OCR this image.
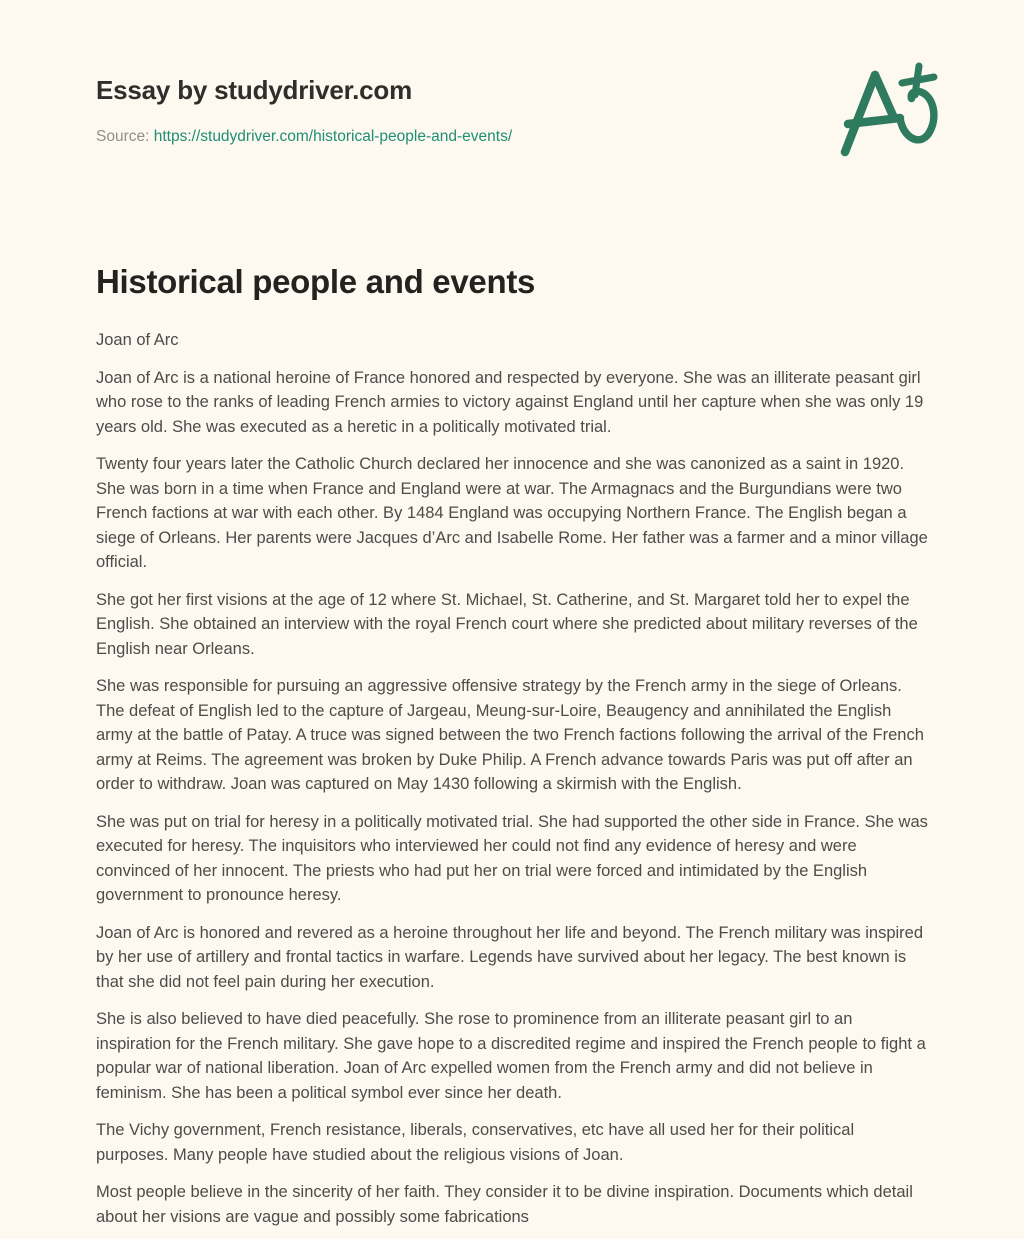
Essay by studydriver.com
Source: https://studydriver.com/historical-people-and-events/
Historical people and events

Joan of Arc

Joan of Arc is a national heroine of France honored and respected by everyone. She was an illiterate peasant girl who rose to the ranks of leading French armies to victory against England until her capture when she was only 19 years old. She was executed as a heretic in a politically motivated trial.

Twenty four years later the Catholic Church declared her innocence and she was canonized as a saint in 1920. She was born in a time when France and England were at war. The Armagnacs and the Burgundians were two French factions at war with each other. By 1484 England was occupying Northern France. The English began a siege of Orleans. Her parents were Jacques d’Arc and Isabelle Rome. Her father was a farmer and a minor village official.

She got her first visions at the age of 12 where St. Michael, St. Catherine, and St. Margaret told her to expel the English. She obtained an interview with the royal French court where she predicted about military reverses of the English near Orleans.

She was responsible for pursuing an aggressive offensive strategy by the French army in the siege of Orleans. The defeat of English led to the capture of Jargeau, Meung-sur-Loire, Beaugency and annihilated the English army at the battle of Patay. A truce was signed between the two French factions following the arrival of the French army at Reims. The agreement was broken by Duke Philip. A French advance towards Paris was put off after an order to withdraw. Joan was captured on May 1430 following a skirmish with the English.

She was put on trial for heresy in a politically motivated trial. She had supported the other side in France. She was executed for heresy. The inquisitors who interviewed her could not find any evidence of heresy and were convinced of her innocent. The priests who had put her on trial were forced and intimidated by the English government to pronounce heresy.

Joan of Arc is honored and revered as a heroine throughout her life and beyond. The French military was inspired by her use of artillery and frontal tactics in warfare. Legends have survived about her legacy. The best known is that she did not feel pain during her execution.

She is also believed to have died peacefully. She rose to prominence from an illiterate peasant girl to an inspiration for the French military. She gave hope to a discredited regime and inspired the French people to fight a popular war of national liberation. Joan of Arc expelled women from the French army and did not believe in feminism. She has been a political symbol ever since her death.

The Vichy government, French resistance, liberals, conservatives, etc have all used her for their political purposes. Many people have studied about the religious visions of Joan.

Most people believe in the sincerity of her faith. They consider it to be divine inspiration. Documents which detail about her visions are vague and possibly some fabrications
